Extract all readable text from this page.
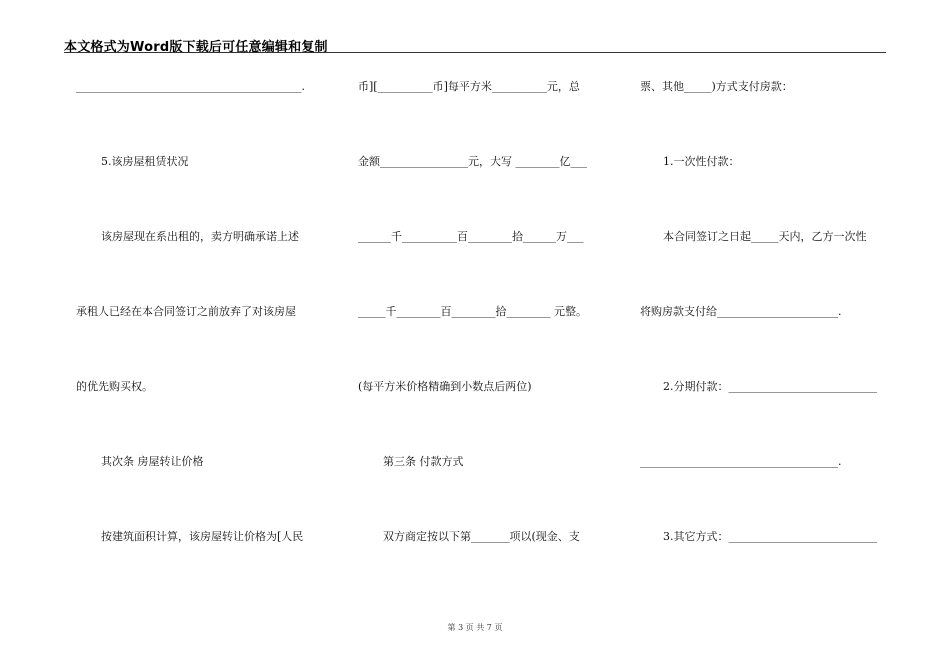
本文格式为Word版下载后可任意编辑和复制
_________________________________________.
5.该房屋租赁状况
该房屋现在系出租的，卖方明确承诺上述
承租人已经在本合同签订之前放弃了对该房屋
的优先购买权。
其次条 房屋转让价格
按建筑面积计算，该房屋转让价格为[人民
币][__________币]每平方米__________元，总
金额________________元，大写 ________亿___
______千__________百________拾______万___
_____千________百________拾________ 元整。
(每平方米价格精确到小数点后两位)
第三条 付款方式
双方商定按以下第_______项以(现金、支
票、其他_____)方式支付房款：
1.一次性付款：
本合同签订之日起_____天内，乙方一次性
将购房款支付给______________________.
2.分期付款：___________________________
____________________________________.
3.其它方式：___________________________
第 3 页 共 7 页
